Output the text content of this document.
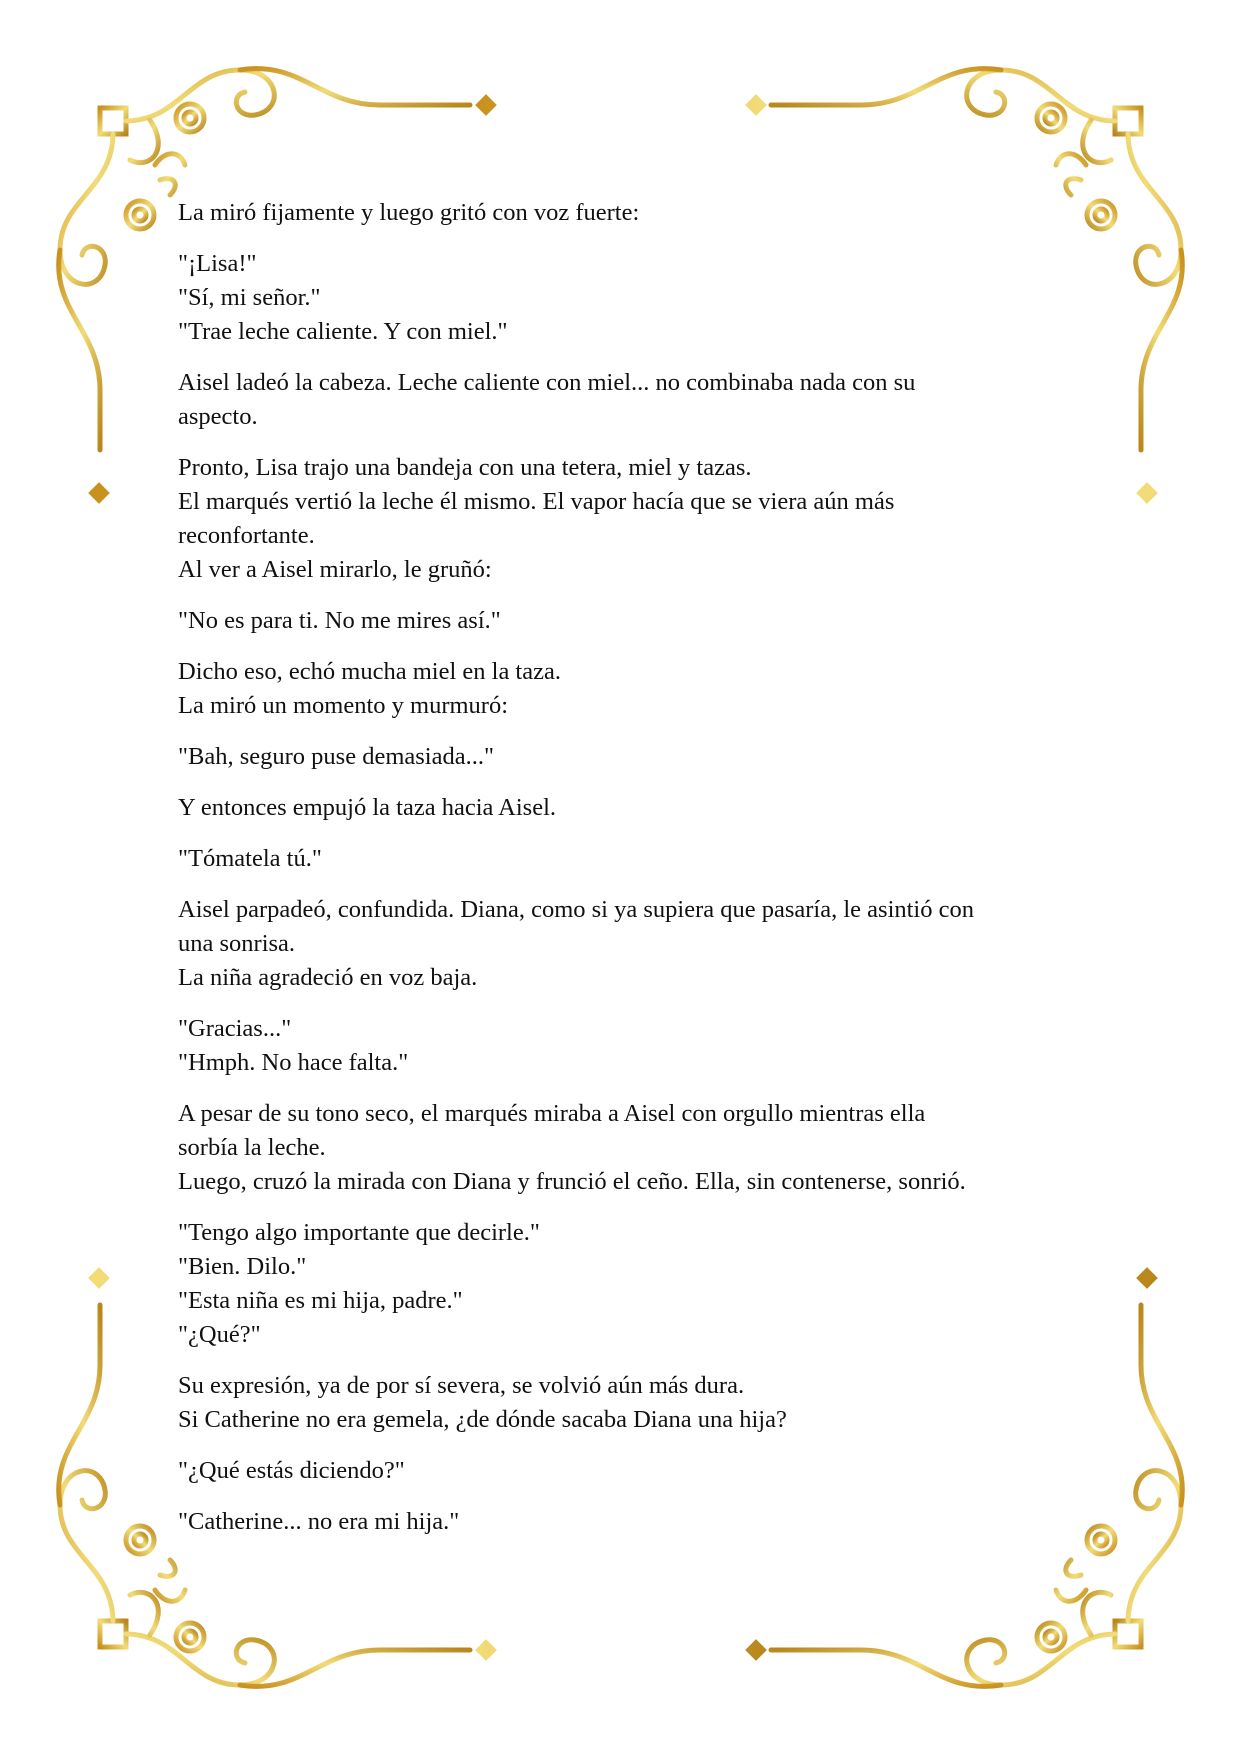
La miró fijamente y luego gritó con voz fuerte:

"¡Lisa!"
"Sí, mi señor."
"Trae leche caliente. Y con miel."

Aisel ladeó la cabeza. Leche caliente con miel... no combinaba nada con su
aspecto.

Pronto, Lisa trajo una bandeja con una tetera, miel y tazas.
El marqués vertió la leche él mismo. El vapor hacía que se viera aún más
reconfortante.
Al ver a Aisel mirarlo, le gruñó:

"No es para ti. No me mires así."

Dicho eso, echó mucha miel en la taza.
La miró un momento y murmuró:

"Bah, seguro puse demasiada..."

Y entonces empujó la taza hacia Aisel.

"Tómatela tú."

Aisel parpadeó, confundida. Diana, como si ya supiera que pasaría, le asintió con
una sonrisa.
La niña agradeció en voz baja.

"Gracias..."
"Hmph. No hace falta."

A pesar de su tono seco, el marqués miraba a Aisel con orgullo mientras ella
sorbía la leche.
Luego, cruzó la mirada con Diana y frunció el ceño. Ella, sin contenerse, sonrió.

"Tengo algo importante que decirle."
"Bien. Dilo."
"Esta niña es mi hija, padre."
"¿Qué?"

Su expresión, ya de por sí severa, se volvió aún más dura.
Si Catherine no era gemela, ¿de dónde sacaba Diana una hija?

"¿Qué estás diciendo?"

"Catherine... no era mi hija."
